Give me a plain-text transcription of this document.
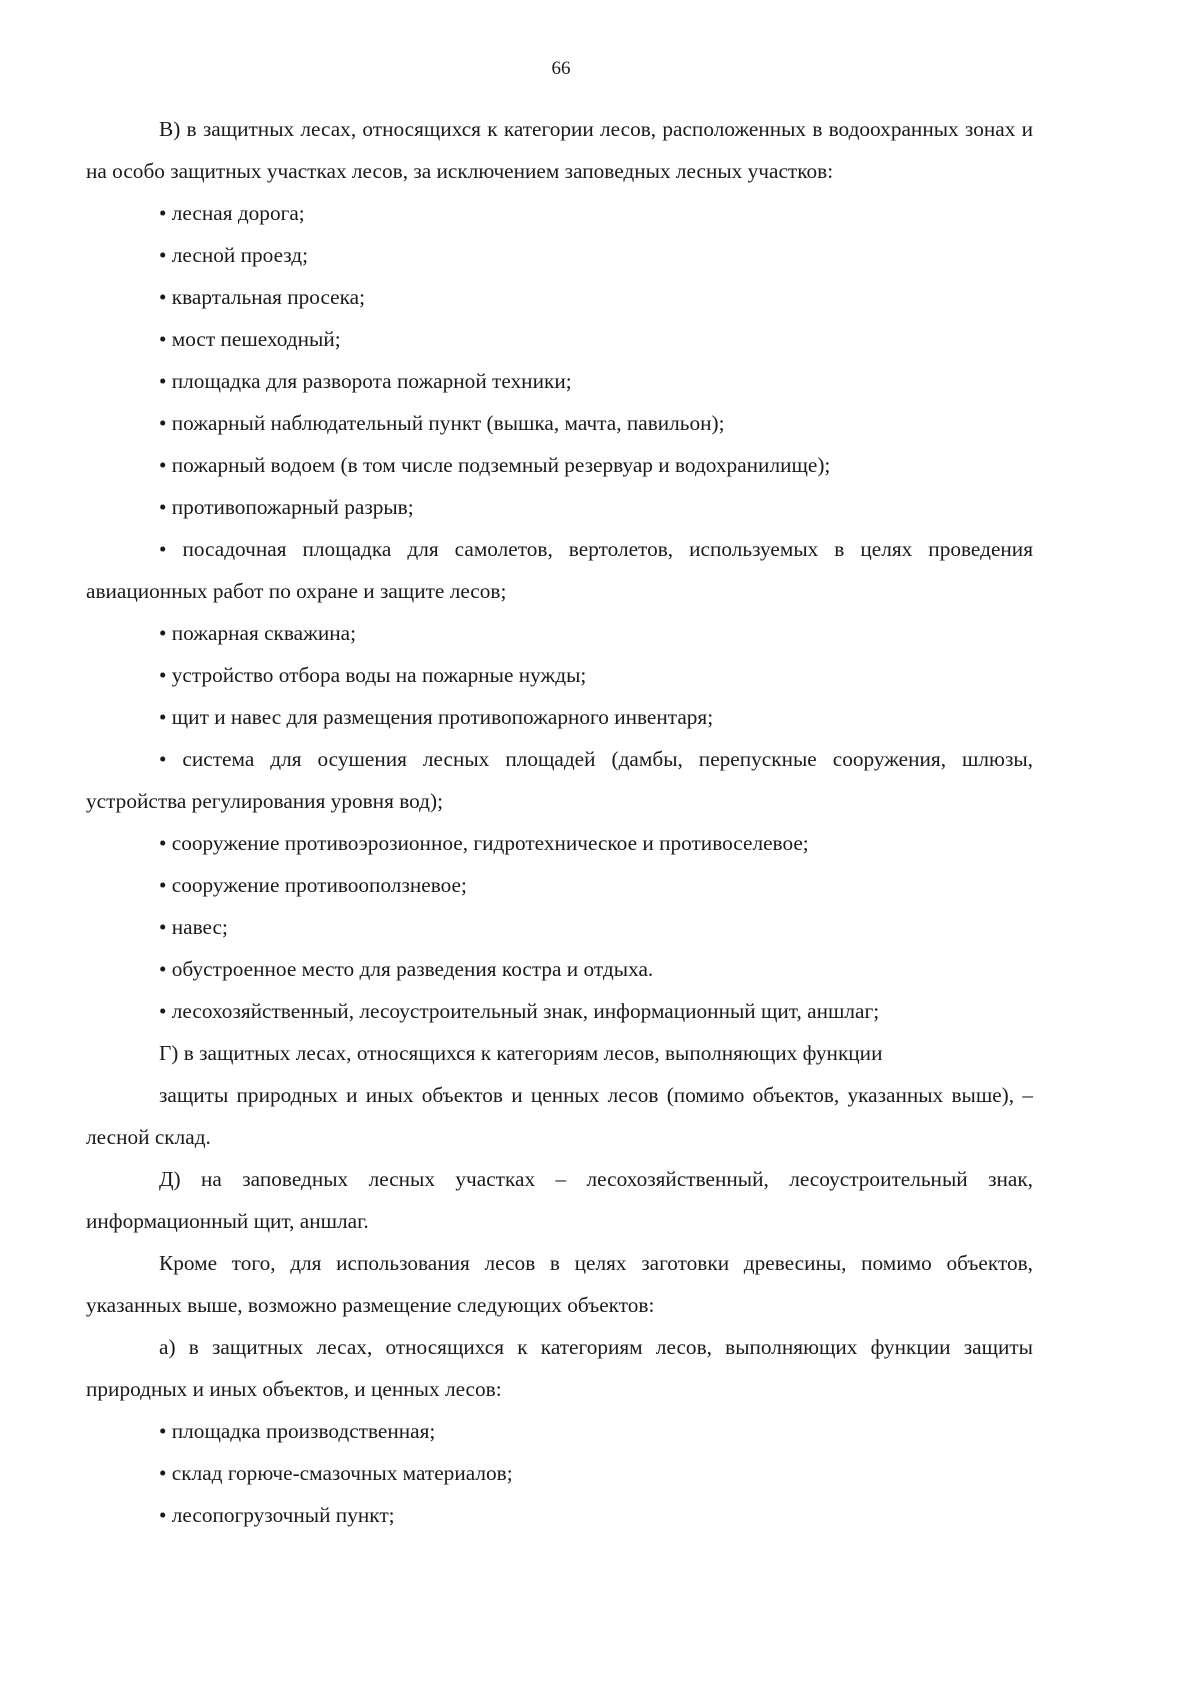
66

В) в защитных лесах, относящихся к категории лесов, расположенных в водоохранных зонах и на особо защитных участках лесов, за исключением заповедных лесных участков:

• лесная дорога;

• лесной проезд;

• квартальная просека;

• мост пешеходный;

• площадка для разворота пожарной техники;

• пожарный наблюдательный пункт (вышка, мачта, павильон);

• пожарный водоем (в том числе подземный резервуар и водохранилище);

• противопожарный разрыв;

• посадочная площадка для самолетов, вертолетов, используемых в целях проведения авиационных работ по охране и защите лесов;

• пожарная скважина;

• устройство отбора воды на пожарные нужды;

• щит и навес для размещения противопожарного инвентаря;

• система для осушения лесных площадей (дамбы, перепускные сооружения, шлюзы, устройства регулирования уровня вод);

• сооружение противоэрозионное, гидротехническое и противоселевое;

• сооружение противооползневое;

• навес;

• обустроенное место для разведения костра и отдыха.

• лесохозяйственный, лесоустроительный знак, информационный щит, аншлаг;

Г) в защитных лесах, относящихся к категориям лесов, выполняющих функции

защиты природных и иных объектов и ценных лесов (помимо объектов, указанных выше), – лесной склад.

Д) на заповедных лесных участках – лесохозяйственный, лесоустроительный знак, информационный щит, аншлаг.

Кроме того, для использования лесов в целях заготовки древесины, помимо объектов, указанных выше, возможно размещение следующих объектов:

а) в защитных лесах, относящихся к категориям лесов, выполняющих функции защиты природных и иных объектов, и ценных лесов:

• площадка производственная;

• склад горюче-смазочных материалов;

• лесопогрузочный пункт;
